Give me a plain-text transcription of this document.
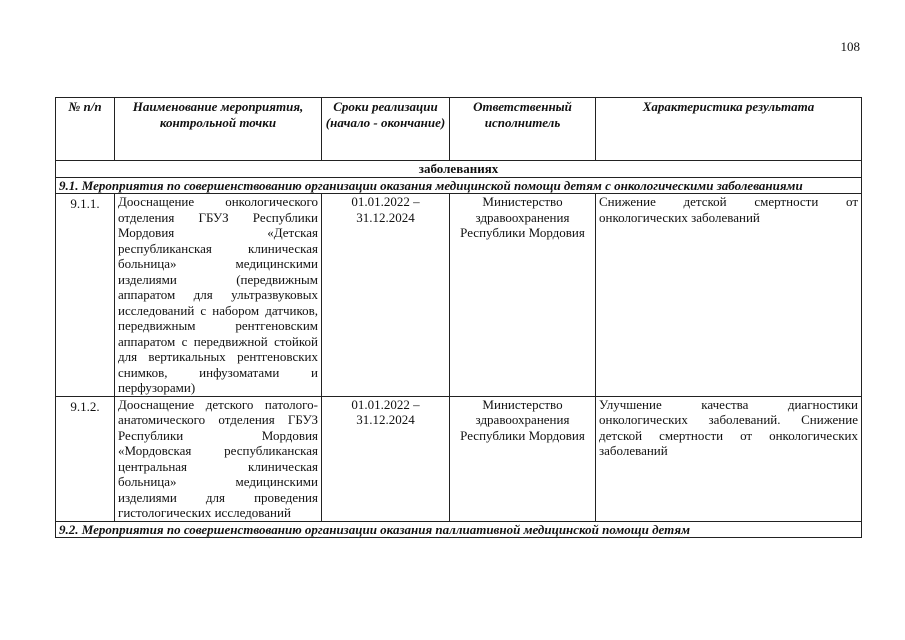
108
№ п/п	Наименование мероприятия, контрольной точки	Сроки реализации (начало - окончание)	Ответственный исполнитель	Характеристика результата
заболеваниях				
9.1. Мероприятия по совершенствованию организации оказания медицинской помощи детям с онкологическими заболеваниями				
9.1.1.	Дооснащение онкологического отделения ГБУЗ Республики Мордовия «Детская республиканская клиническая больница» медицинскими изделиями (передвижным аппаратом для ультразвуковых исследований с набором датчиков, передвижным рентгеновским аппаратом с передвижной стойкой для вертикальных рентгеновских снимков, инфузоматами и перфузорами)	01.01.2022 – 31.12.2024	Министерство здравоохранения Республики Мордовия	Снижение детской смертности от онкологических заболеваний
9.1.2.	Дооснащение детского патолого-анатомического отделения ГБУЗ Республики Мордовия «Мордовская республиканская центральная клиническая больница» медицинскими изделиями для проведения гистологических исследований	01.01.2022 – 31.12.2024	Министерство здравоохранения Республики Мордовия	Улучшение качества диагностики онкологических заболеваний. Снижение детской смертности от онкологических заболеваний
9.2. Мероприятия по совершенствованию организации оказания паллиативной медицинской помощи детям				
